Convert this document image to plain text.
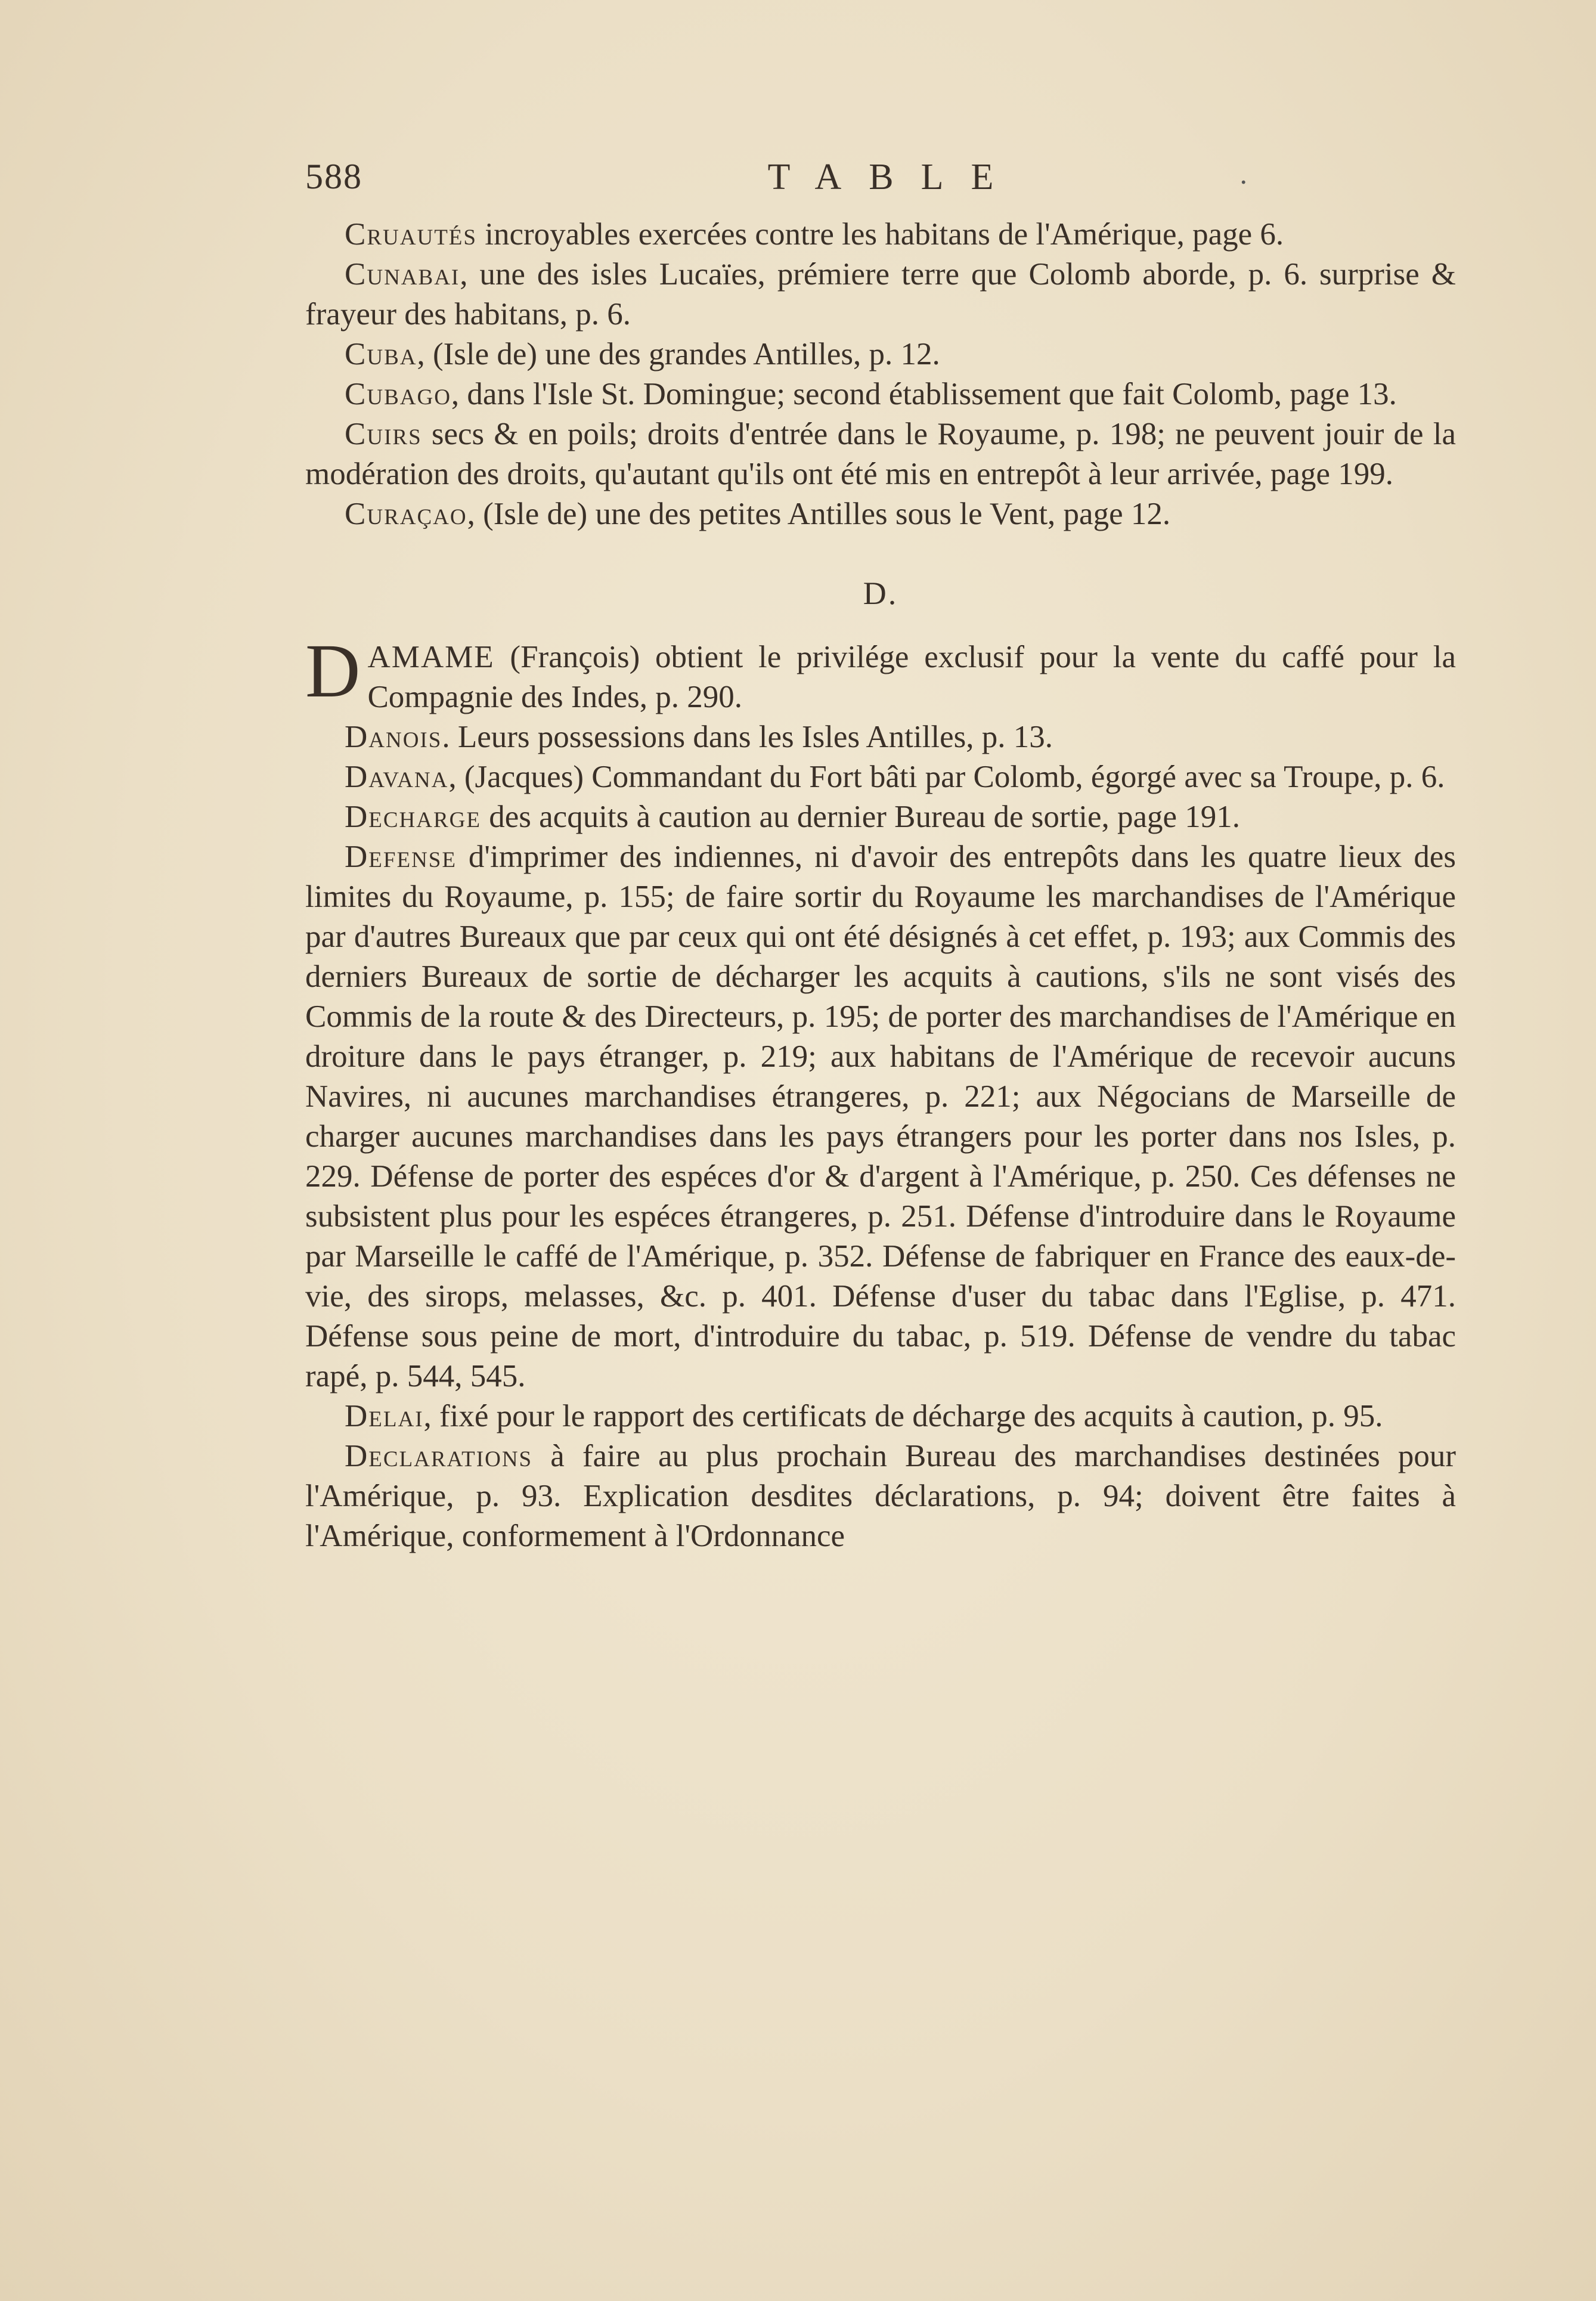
588	TABLE	.

Cruautés incroyables exercées contre les habitans de l'Amérique, page 6.

Cunabai, une des isles Lucaïes, prémiere terre que Colomb aborde, p. 6. surprise & frayeur des habitans, p. 6.

Cuba, (Isle de) une des grandes Antilles, p. 12.

Cubago, dans l'Isle St. Domingue; second établissement que fait Colomb, page 13.

Cuirs secs & en poils; droits d'entrée dans le Royaume, p. 198; ne peuvent jouir de la modération des droits, qu'autant qu'ils ont été mis en entrepôt à leur arrivée, page 199.

Curaçao, (Isle de) une des petites Antilles sous le Vent, page 12.

D.

DAMAME (François) obtient le privilége exclusif pour la vente du caffé pour la Compagnie des Indes, p. 290.

Danois. Leurs possessions dans les Isles Antilles, p. 13.

Davana, (Jacques) Commandant du Fort bâti par Colomb, égorgé avec sa Troupe, p. 6.

Decharge des acquits à caution au dernier Bureau de sortie, page 191.

Defense d'imprimer des indiennes, ni d'avoir des entrepôts dans les quatre lieux des limites du Royaume, p. 155; de faire sortir du Royaume les marchandises de l'Amérique par d'autres Bureaux que par ceux qui ont été désignés à cet effet, p. 193; aux Commis des derniers Bureaux de sortie de décharger les acquits à cautions, s'ils ne sont visés des Commis de la route & des Directeurs, p. 195; de porter des marchandises de l'Amérique en droiture dans le pays étranger, p. 219; aux habitans de l'Amérique de recevoir aucuns Navires, ni aucunes marchandises étrangeres, p. 221; aux Négocians de Marseille de charger aucunes marchandises dans les pays étrangers pour les porter dans nos Isles, p. 229. Défense de porter des espéces d'or & d'argent à l'Amérique, p. 250. Ces défenses ne subsistent plus pour les espéces étrangeres, p. 251. Défense d'introduire dans le Royaume par Marseille le caffé de l'Amérique, p. 352. Défense de fabriquer en France des eaux-de-vie, des sirops, melasses, &c. p. 401. Défense d'user du tabac dans l'Eglise, p. 471. Défense sous peine de mort, d'introduire du tabac, p. 519. Défense de vendre du tabac rapé, p. 544, 545.

Delai, fixé pour le rapport des certificats de décharge des acquits à caution, p. 95.

Declarations à faire au plus prochain Bureau des marchandises destinées pour l'Amérique, p. 93. Explication desdites déclarations, p. 94; doivent être faites à l'Amérique, conformement à l'Ordonnance
